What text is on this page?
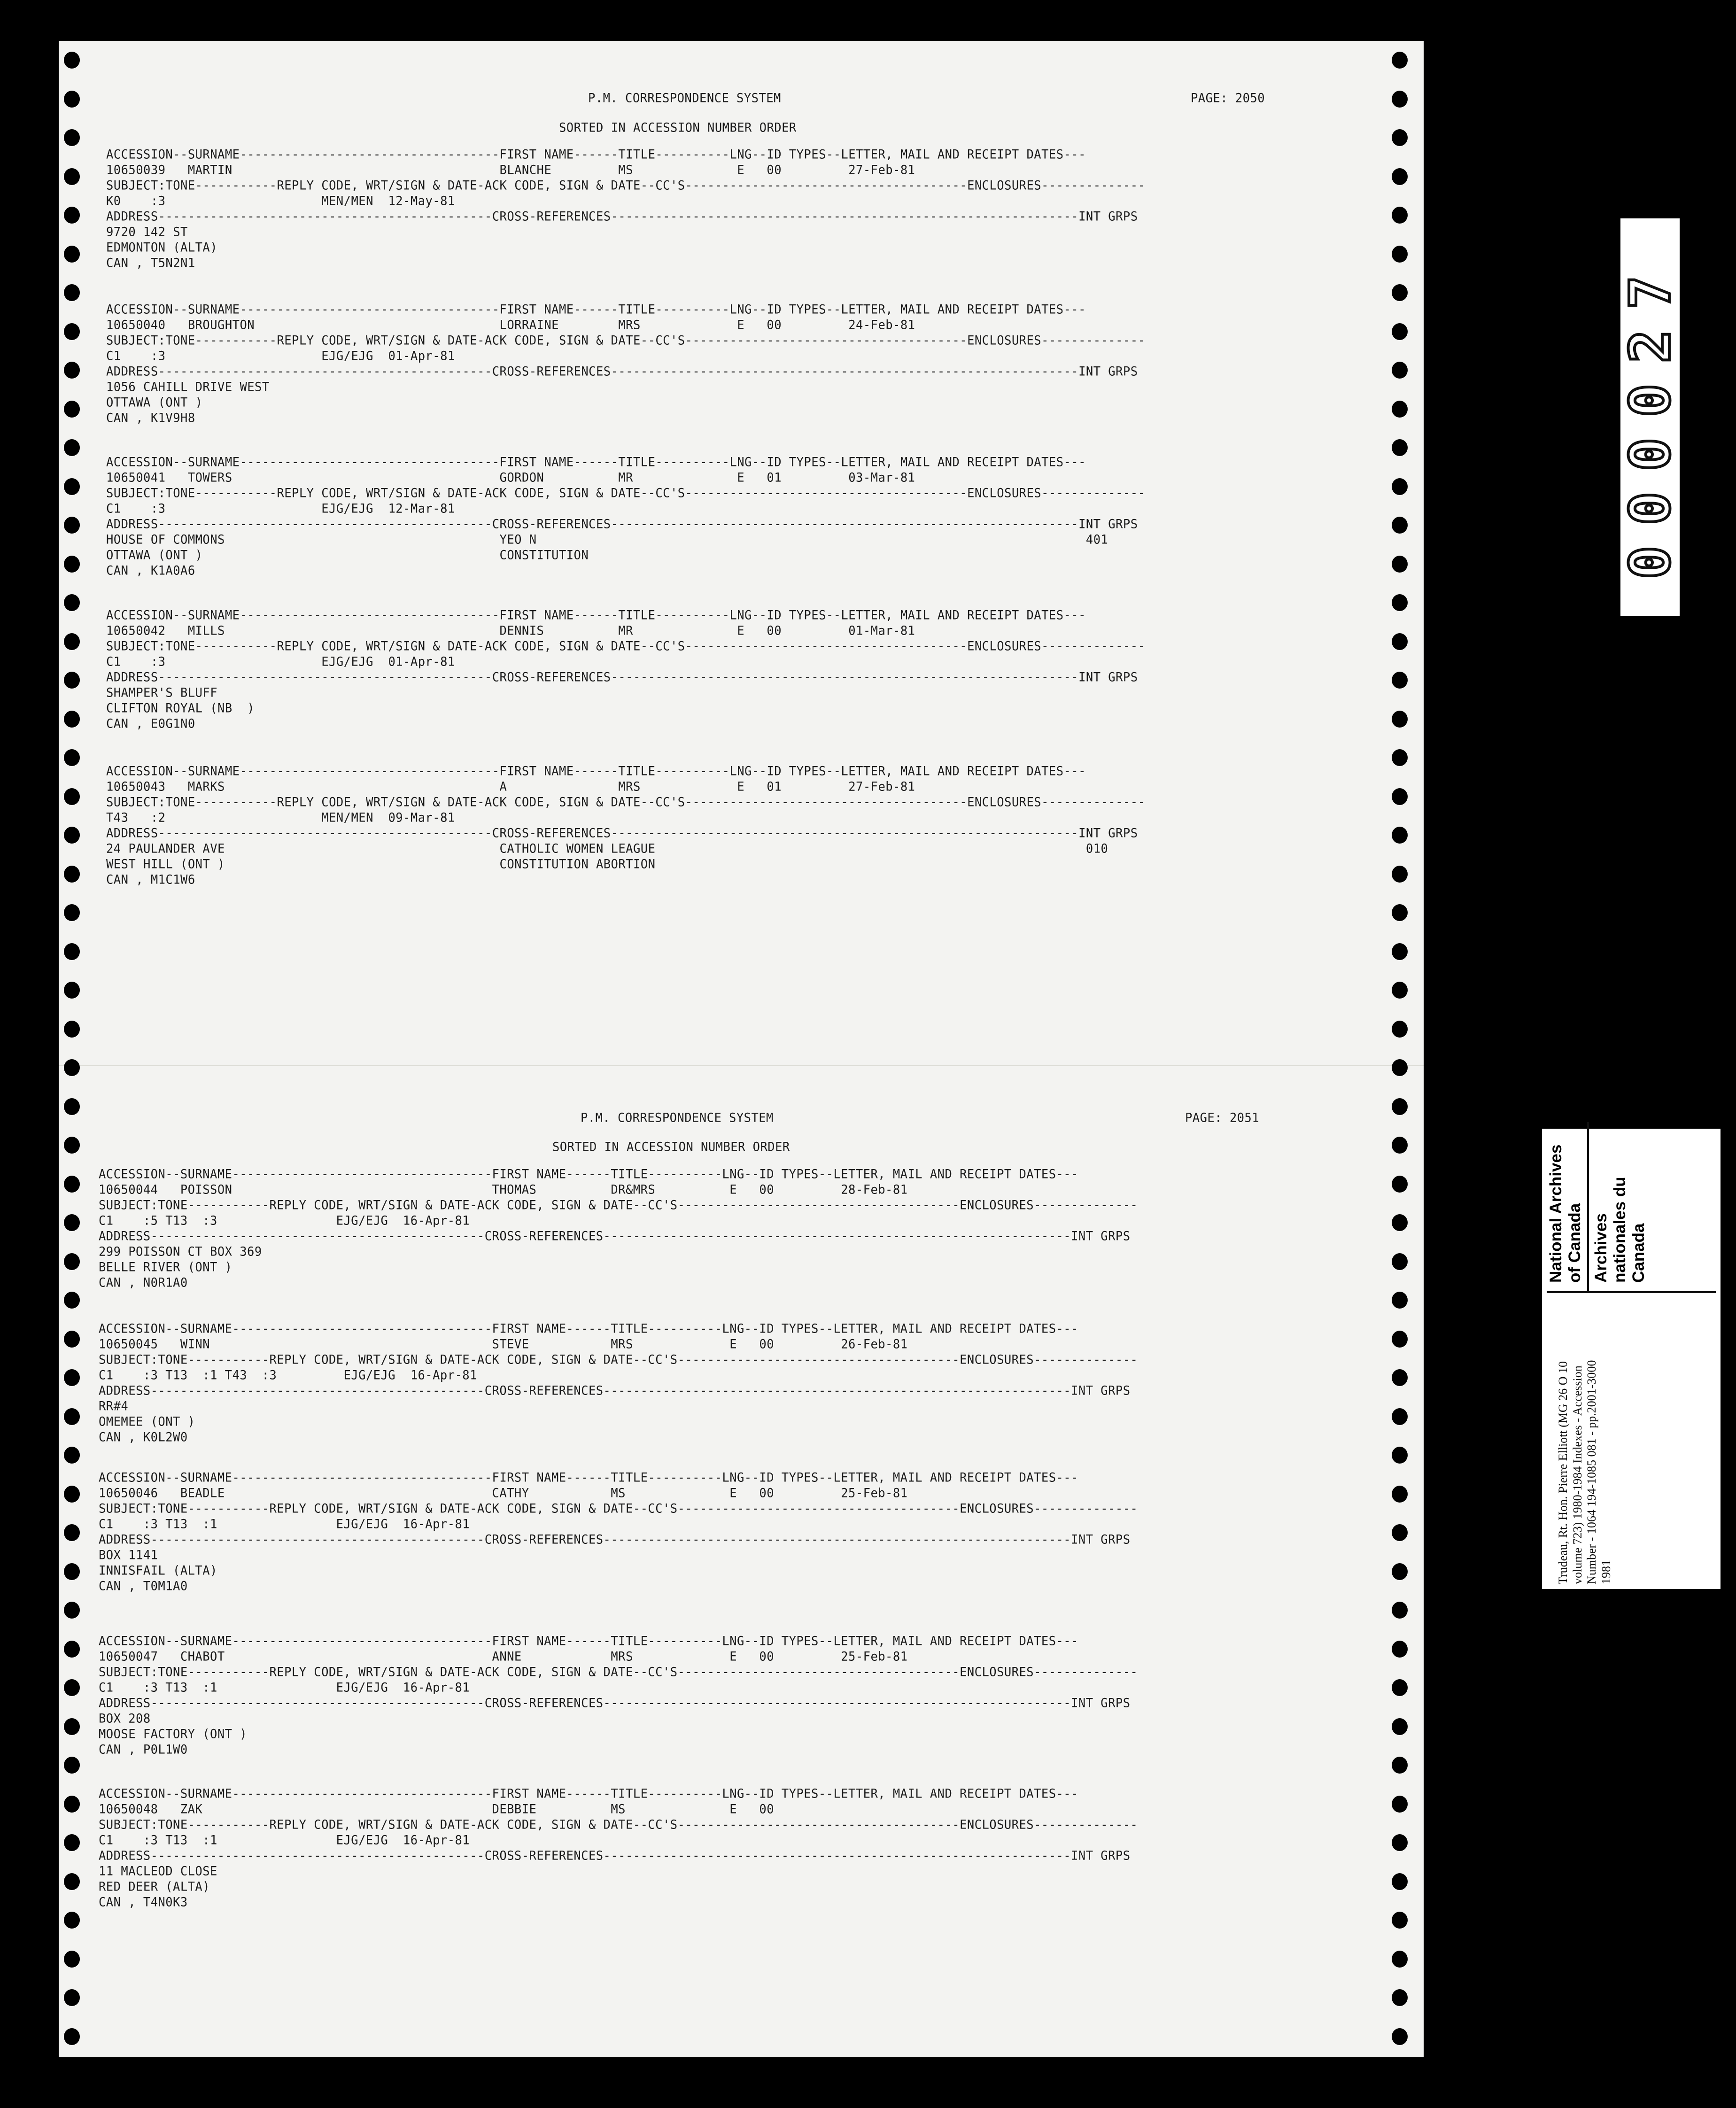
P.M. CORRESPONDENCE SYSTEM	PAGE: 2050
SORTED IN ACCESSION NUMBER ORDER
ACCESSION--SURNAME-----------------------------------FIRST NAME------TITLE----------LNG--ID TYPES--LETTER, MAIL AND RECEIPT DATES---
10650039   MARTIN                                    BLANCHE         MS              E   00         27-Feb-81
SUBJECT:TONE-----------REPLY CODE, WRT/SIGN & DATE-ACK CODE, SIGN & DATE--CC'S--------------------------------------ENCLOSURES--------------
K0    :3                     MEN/MEN  12-May-81
ADDRESS---------------------------------------------CROSS-REFERENCES---------------------------------------------------------------INT GRPS
9720 142 ST
EDMONTON (ALTA)
CAN , T5N2N1
ACCESSION--SURNAME-----------------------------------FIRST NAME------TITLE----------LNG--ID TYPES--LETTER, MAIL AND RECEIPT DATES---
10650040   BROUGHTON                                 LORRAINE        MRS             E   00         24-Feb-81
SUBJECT:TONE-----------REPLY CODE, WRT/SIGN & DATE-ACK CODE, SIGN & DATE--CC'S--------------------------------------ENCLOSURES--------------
C1    :3                     EJG/EJG  01-Apr-81
ADDRESS---------------------------------------------CROSS-REFERENCES---------------------------------------------------------------INT GRPS
1056 CAHILL DRIVE WEST
OTTAWA (ONT )
CAN , K1V9H8
ACCESSION--SURNAME-----------------------------------FIRST NAME------TITLE----------LNG--ID TYPES--LETTER, MAIL AND RECEIPT DATES---
10650041   TOWERS                                    GORDON          MR              E   01         03-Mar-81
SUBJECT:TONE-----------REPLY CODE, WRT/SIGN & DATE-ACK CODE, SIGN & DATE--CC'S--------------------------------------ENCLOSURES--------------
C1    :3                     EJG/EJG  12-Mar-81
ADDRESS---------------------------------------------CROSS-REFERENCES---------------------------------------------------------------INT GRPS
HOUSE OF COMMONS                                     YEO N                                                                          401
OTTAWA (ONT )                                        CONSTITUTION
CAN , K1A0A6
ACCESSION--SURNAME-----------------------------------FIRST NAME------TITLE----------LNG--ID TYPES--LETTER, MAIL AND RECEIPT DATES---
10650042   MILLS                                     DENNIS          MR              E   00         01-Mar-81
SUBJECT:TONE-----------REPLY CODE, WRT/SIGN & DATE-ACK CODE, SIGN & DATE--CC'S--------------------------------------ENCLOSURES--------------
C1    :3                     EJG/EJG  01-Apr-81
ADDRESS---------------------------------------------CROSS-REFERENCES---------------------------------------------------------------INT GRPS
SHAMPER'S BLUFF
CLIFTON ROYAL (NB  )
CAN , E0G1N0
ACCESSION--SURNAME-----------------------------------FIRST NAME------TITLE----------LNG--ID TYPES--LETTER, MAIL AND RECEIPT DATES---
10650043   MARKS                                     A               MRS             E   01         27-Feb-81
SUBJECT:TONE-----------REPLY CODE, WRT/SIGN & DATE-ACK CODE, SIGN & DATE--CC'S--------------------------------------ENCLOSURES--------------
T43   :2                     MEN/MEN  09-Mar-81
ADDRESS---------------------------------------------CROSS-REFERENCES---------------------------------------------------------------INT GRPS
24 PAULANDER AVE                                     CATHOLIC WOMEN LEAGUE                                                          010
WEST HILL (ONT )                                     CONSTITUTION ABORTION
CAN , M1C1W6
P.M. CORRESPONDENCE SYSTEM	PAGE: 2051
SORTED IN ACCESSION NUMBER ORDER
ACCESSION--SURNAME-----------------------------------FIRST NAME------TITLE----------LNG--ID TYPES--LETTER, MAIL AND RECEIPT DATES---
10650044   POISSON                                   THOMAS          DR&MRS          E   00         28-Feb-81
SUBJECT:TONE-----------REPLY CODE, WRT/SIGN & DATE-ACK CODE, SIGN & DATE--CC'S--------------------------------------ENCLOSURES--------------
C1    :5 T13  :3                EJG/EJG  16-Apr-81
ADDRESS---------------------------------------------CROSS-REFERENCES---------------------------------------------------------------INT GRPS
299 POISSON CT BOX 369
BELLE RIVER (ONT )
CAN , N0R1A0
ACCESSION--SURNAME-----------------------------------FIRST NAME------TITLE----------LNG--ID TYPES--LETTER, MAIL AND RECEIPT DATES---
10650045   WINN                                      STEVE           MRS             E   00         26-Feb-81
SUBJECT:TONE-----------REPLY CODE, WRT/SIGN & DATE-ACK CODE, SIGN & DATE--CC'S--------------------------------------ENCLOSURES--------------
C1    :3 T13  :1 T43  :3         EJG/EJG  16-Apr-81
ADDRESS---------------------------------------------CROSS-REFERENCES---------------------------------------------------------------INT GRPS
RR#4
OMEMEE (ONT )
CAN , K0L2W0
ACCESSION--SURNAME-----------------------------------FIRST NAME------TITLE----------LNG--ID TYPES--LETTER, MAIL AND RECEIPT DATES---
10650046   BEADLE                                    CATHY           MS              E   00         25-Feb-81
SUBJECT:TONE-----------REPLY CODE, WRT/SIGN & DATE-ACK CODE, SIGN & DATE--CC'S--------------------------------------ENCLOSURES--------------
C1    :3 T13  :1                EJG/EJG  16-Apr-81
ADDRESS---------------------------------------------CROSS-REFERENCES---------------------------------------------------------------INT GRPS
BOX 1141
INNISFAIL (ALTA)
CAN , T0M1A0
ACCESSION--SURNAME-----------------------------------FIRST NAME------TITLE----------LNG--ID TYPES--LETTER, MAIL AND RECEIPT DATES---
10650047   CHABOT                                    ANNE            MRS             E   00         25-Feb-81
SUBJECT:TONE-----------REPLY CODE, WRT/SIGN & DATE-ACK CODE, SIGN & DATE--CC'S--------------------------------------ENCLOSURES--------------
C1    :3 T13  :1                EJG/EJG  16-Apr-81
ADDRESS---------------------------------------------CROSS-REFERENCES---------------------------------------------------------------INT GRPS
BOX 208
MOOSE FACTORY (ONT )
CAN , P0L1W0
ACCESSION--SURNAME-----------------------------------FIRST NAME------TITLE----------LNG--ID TYPES--LETTER, MAIL AND RECEIPT DATES---
10650048   ZAK                                       DEBBIE          MS              E   00
SUBJECT:TONE-----------REPLY CODE, WRT/SIGN & DATE-ACK CODE, SIGN & DATE--CC'S--------------------------------------ENCLOSURES--------------
C1    :3 T13  :1                EJG/EJG  16-Apr-81
ADDRESS---------------------------------------------CROSS-REFERENCES---------------------------------------------------------------INT GRPS
11 MACLEOD CLOSE
RED DEER (ALTA)
CAN , T4N0K3
000027
Trudeau, Rt. Hon. Pierre Elliott (MG 26 O 10 volume 723) 1980-1984 Indexes - Accession Number - 1064 194-1085 081 - pp.2001-3000 1981
National Archives of Canada Archives nationales du Canada
